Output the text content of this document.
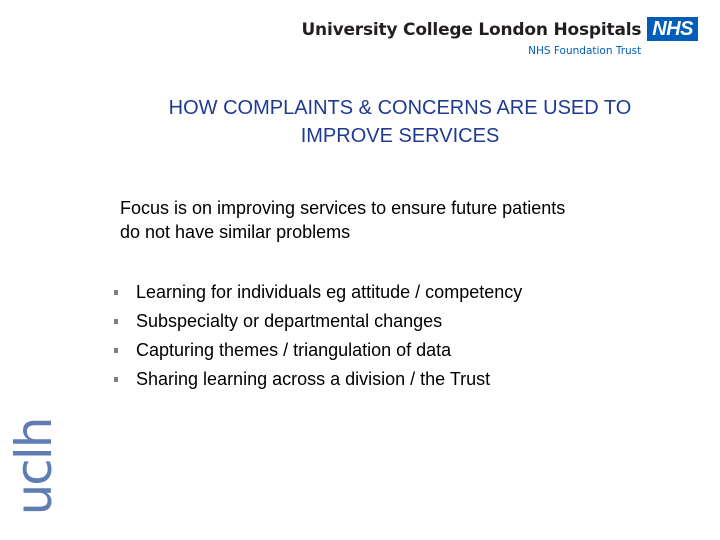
University College London Hospitals
NHS Foundation Trust
NHS
HOW COMPLAINTS & CONCERNS ARE USED TO
IMPROVE SERVICES
Focus is on improving services to ensure future patients
do not have similar problems
Learning for individuals eg attitude / competency
Subspecialty or departmental changes
Capturing themes / triangulation of data
Sharing learning across a division / the Trust
uclh
